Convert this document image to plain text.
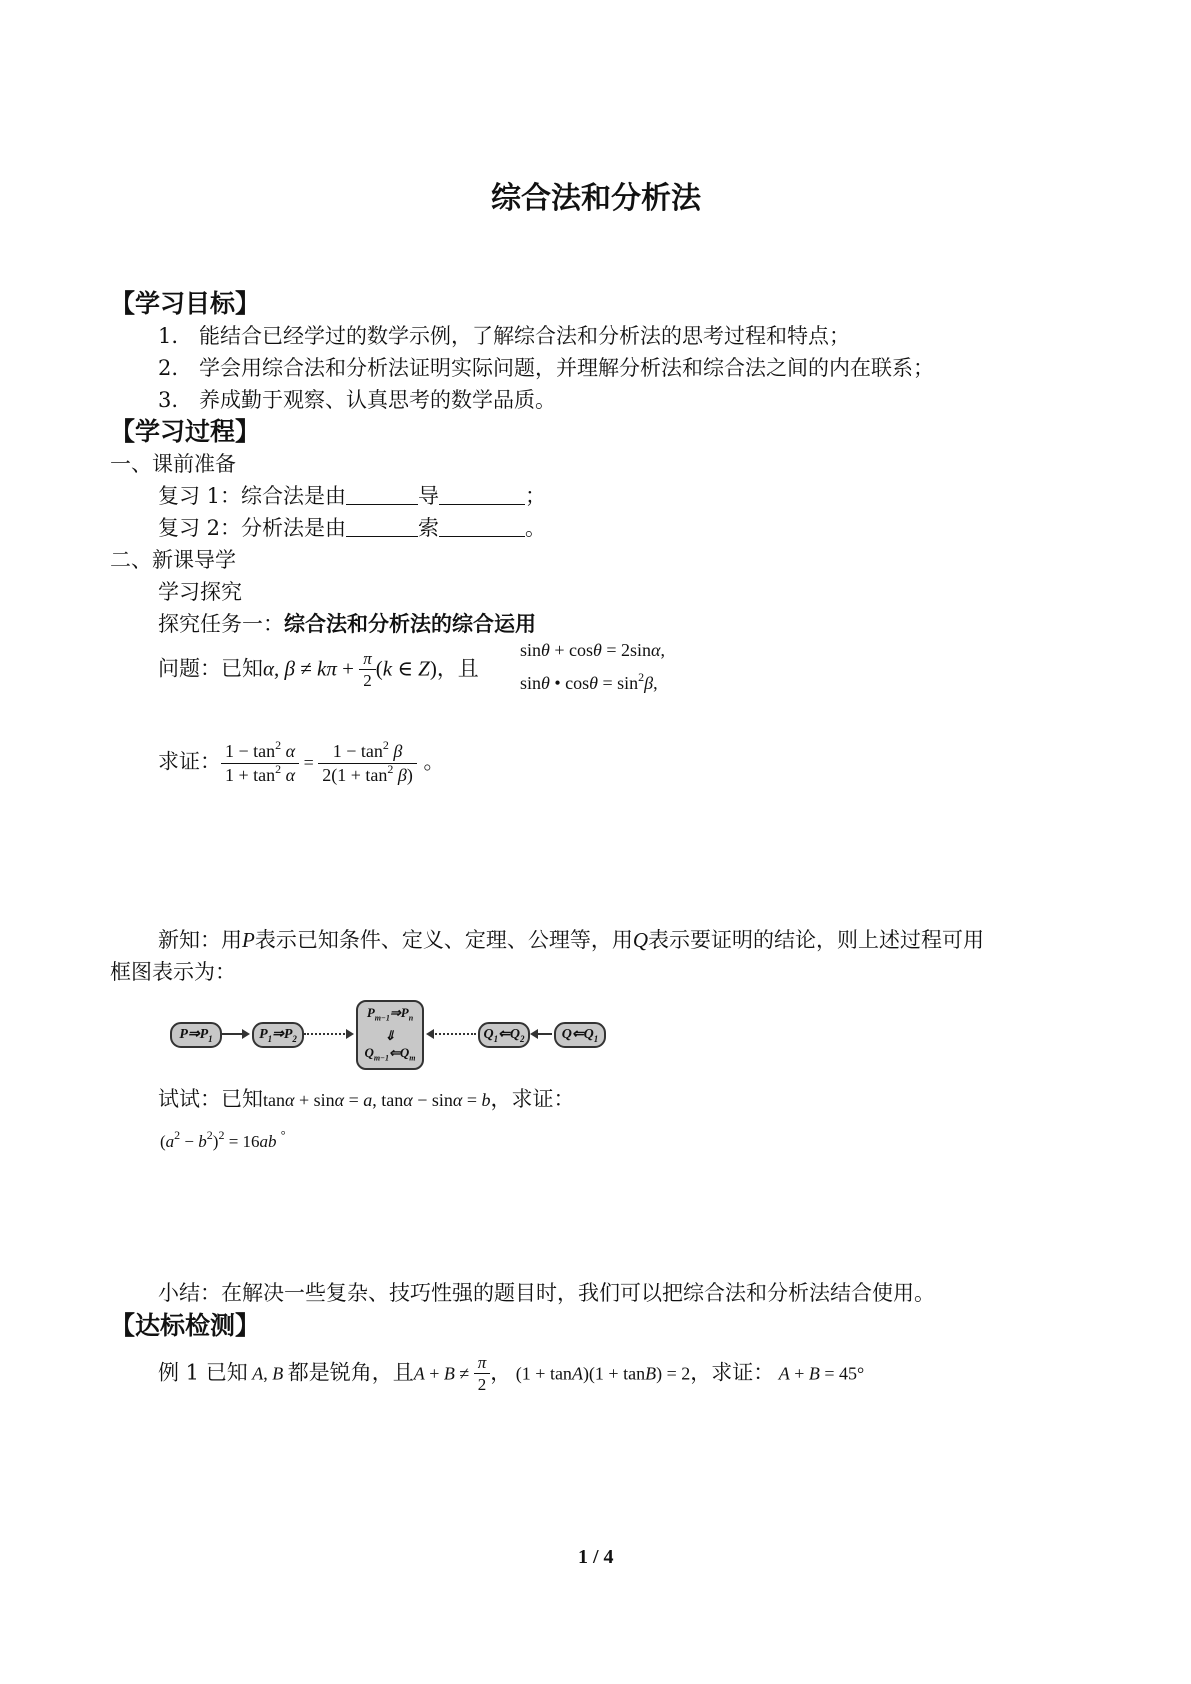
综合法和分析法
【学习目标】
1.　能结合已经学过的数学示例，了解综合法和分析法的思考过程和特点；
2.　学会用综合法和分析法证明实际问题，并理解分析法和综合法之间的内在联系；
3.　养成勤于观察、认真思考的数学品质。
【学习过程】
一、课前准备
复习 1：综合法是由	导	；
复习 2：分析法是由	索	。
二、新课导学
学习探究
探究任务一：综合法和分析法的综合运用
问题：已知α, $\beta \ne k\pi + \frac{\pi}{2} (k$ ∈ Z)，且
sinθ + cosθ = 2sinα,
sinθ • $\cos\theta = \sin^2\beta$,
求证： $\frac{1 - \tan^2 \alpha}{1 + \tan^2 \alpha} = \frac{1 - \tan^2 \beta}{2(1 + \tan^2 \beta)}$ 。
新知：用P表示已知条件、定义、定理、公理等，用Q表示要证明的结论，则上述过程可用
框图表示为：
$P\Rightarrow P_1$	$P_1\Rightarrow P_2$
$P_{m-1}\Rightarrow P_n$
⇓
$Q_{m-1}⇐Q_m$
$Q_1⇐Q_2$	$Q⇐Q_1$
试试：已知tanα + sinα = a, tanα − sinα = b，求证：
$(a^2 - b^2)^2 = 16ab$ °
小结：在解决一些复杂、技巧性强的题目时，我们可以把综合法和分析法结合使用。
【达标检测】
例 1 已知 A, B 都是锐角，且$A + B \ne \frac{\pi}{2}$ ， (1 + tanA)(1 + tanB) = 2，求证： A + B = 45°
1 / 4
